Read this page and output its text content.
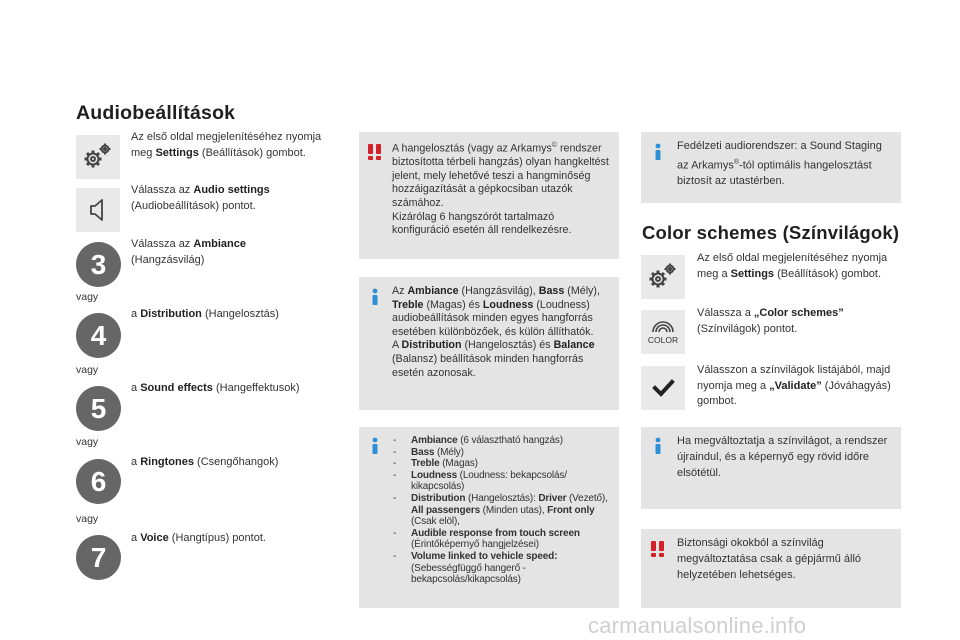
Audiobeállítások
Az első oldal megjelenítéséhez nyomja meg Settings (Beállítások) gombot.
Válassza az Audio settings (Audiobeállítások) pontot.
3
Válassza az Ambiance
(Hangzásvilág)
vagy
4
a Distribution (Hangelosztás)
vagy
5
a Sound effects (Hangeffektusok)
vagy
6
a Ringtones (Csengőhangok)
vagy
7
a Voice (Hangtípus) pontot.
A hangelosztás (vagy az Arkamys© rendszer biztosította térbeli hangzás) olyan hangkeltést jelent, mely lehetővé teszi a hangminőség hozzáigazítását a gépkocsiban utazók számához.
Kizárólag 6 hangszórót tartalmazó konfiguráció esetén áll rendelkezésre.
Az Ambiance (Hangzásvilág), Bass (Mély), Treble (Magas) és Loudness (Loudness) audiobeállítások minden egyes hangforrás esetében különbözőek, és külön állíthatók.
A Distribution (Hangelosztás) és Balance (Balansz) beállítások minden hangforrás esetén azonosak.
- Ambiance (6 választható hangzás)
- Bass (Mély)
- Treble (Magas)
- Loudness (Loudness: bekapcsolás/ kikapcsolás)
- Distribution (Hangelosztás): Driver (Vezető), All passengers (Minden utas), Front only (Csak elöl),
- Audible response from touch screen (Érintőképernyő hangjelzései)
- Volume linked to vehicle speed: (Sebességfüggő hangerő - bekapcsolás/kikapcsolás)
Fedélzeti audiorendszer: a Sound Staging az Arkamys®-tól optimális hangelosztást biztosít az utastérben.
Color schemes (Színvilágok)
Az első oldal megjelenítéséhez nyomja meg a Settings (Beállítások) gombot.
COLOR
Válassza a „Color schemes”
(Színvilágok) pontot.
Válasszon a színvilágok listájából, majd nyomja meg a „Validate” (Jóváhagyás) gombot.
Ha megváltoztatja a színvilágot, a rendszer újraindul, és a képernyő egy rövid időre elsötétül.
Biztonsági okokból a színvilág megváltoztatása csak a gépjármű álló helyzetében lehetséges.
carmanualsonline.info
